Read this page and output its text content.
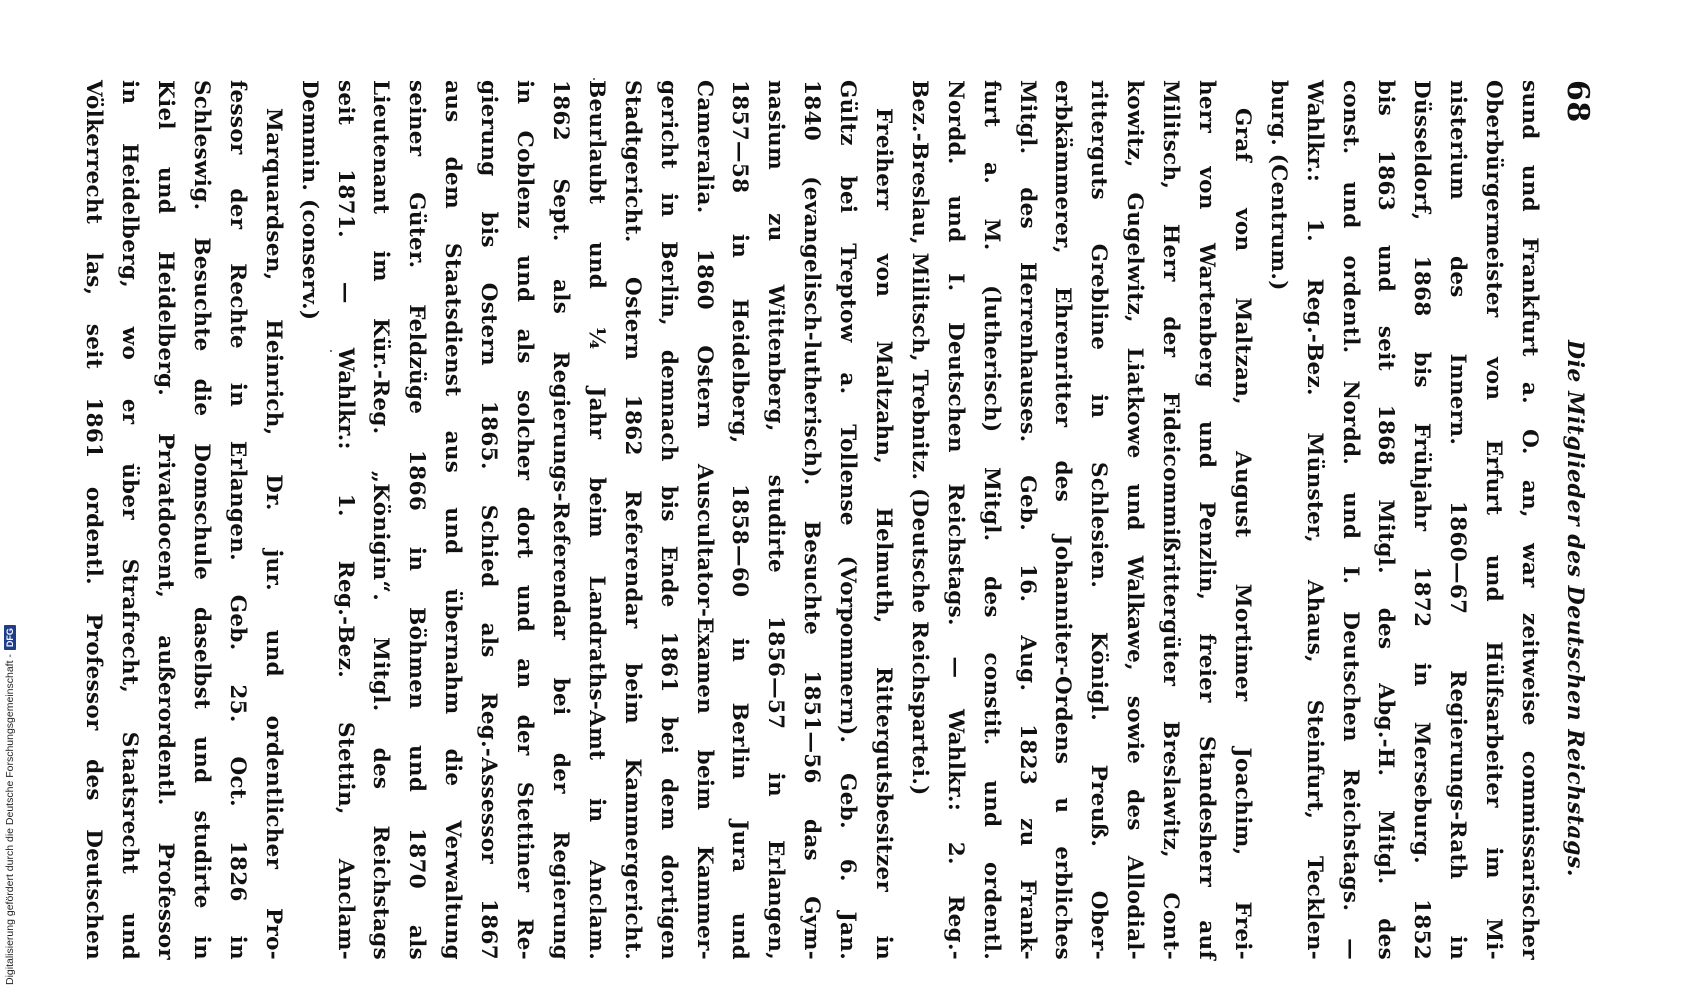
68
Die Mitglieder des Deutschen Reichstags.
sund und Frankfurt a. O. an, war zeitweise commissarischer
Oberbürgermeister von Erfurt und Hülfsarbeiter im Mi-
nisterium des Innern. 1860—67 Regierungs-Rath in
Düsseldorf, 1868 bis Frühjahr 1872 in Merseburg. 1852
bis 1863 und seit 1868 Mitgl. des Abg.-H. Mitgl. des
const. und ordentl. Nordd. und I. Deutschen Reichstags. —
Wahlkr.: 1. Reg.-Bez. Münster, Ahaus, Steinfurt, Tecklen-
burg. (Centrum.)
Graf von Maltzan, August Mortimer Joachim, Frei-
herr von Wartenberg und Penzlin, freier Standesherr auf
Militsch, Herr der Fideicommißrittergüter Breslawitz, Cont-
kowitz, Gugelwitz, Liatkowe und Walkawe, sowie des Allodial-
ritterguts Grebline in Schlesien. Königl. Preuß. Ober-
erbkämmerer, Ehrenritter des Johanniter-Ordens u erbliches
Mitgl. des Herrenhauses. Geb. 16. Aug. 1823 zu Frank-
furt a. M. (lutherisch) Mitgl. des constit. und ordentl.
Nordd. und I. Deutschen Reichstags. — Wahlkr.: 2. Reg.-
Bez.-Breslau, Militsch, Trebnitz. (Deutsche Reichspartei.)
Freiherr von Maltzahn, Helmuth, Rittergutsbesitzer in
Gültz bei Treptow a. Tollense (Vorpommern). Geb. 6. Jan.
1840 (evangelisch-lutherisch). Besuchte 1851—56 das Gym-
nasium zu Wittenberg, studirte 1856—57 in Erlangen,
1857—58 in Heidelberg, 1858—60 in Berlin Jura und
Cameralia. 1860 Ostern Auscultator-Examen beim Kammer-
gericht in Berlin, demnach bis Ende 1861 bei dem dortigen
Stadtgericht. Ostern 1862 Referendar beim Kammergericht.
Beurlaubt und ¼ Jahr beim Landraths-Amt in Anclam.
1862 Sept. als Regierungs-Referendar bei der Regierung
in Coblenz und als solcher dort und an der Stettiner Re-
gierung bis Ostern 1865. Schied als Reg.-Assessor 1867
aus dem Staatsdienst aus und übernahm die Verwaltung
seiner Güter. Feldzüge 1866 in Böhmen und 1870 als
Lieutenant im Kür.-Reg. „Königin“. Mitgl. des Reichstags
seit 1871. — Wahlkr.: 1. Reg.-Bez. Stettin, Anclam-
Demmin. (conserv.)
Marquardsen, Heinrich, Dr. jur. und ordentlicher Pro-
fessor der Rechte in Erlangen. Geb. 25. Oct. 1826 in
Schleswig. Besuchte die Domschule daselbst und studirte in
Kiel und Heidelberg. Privatdocent, außerordentl. Professor
in Heidelberg, wo er über Strafrecht, Staatsrecht und
Völkerrecht las, seit 1861 ordentl. Professor des Deutschen
Digitalisierung gefördert durch die Deutsche Forschungsgemeinschaft -
DFG
